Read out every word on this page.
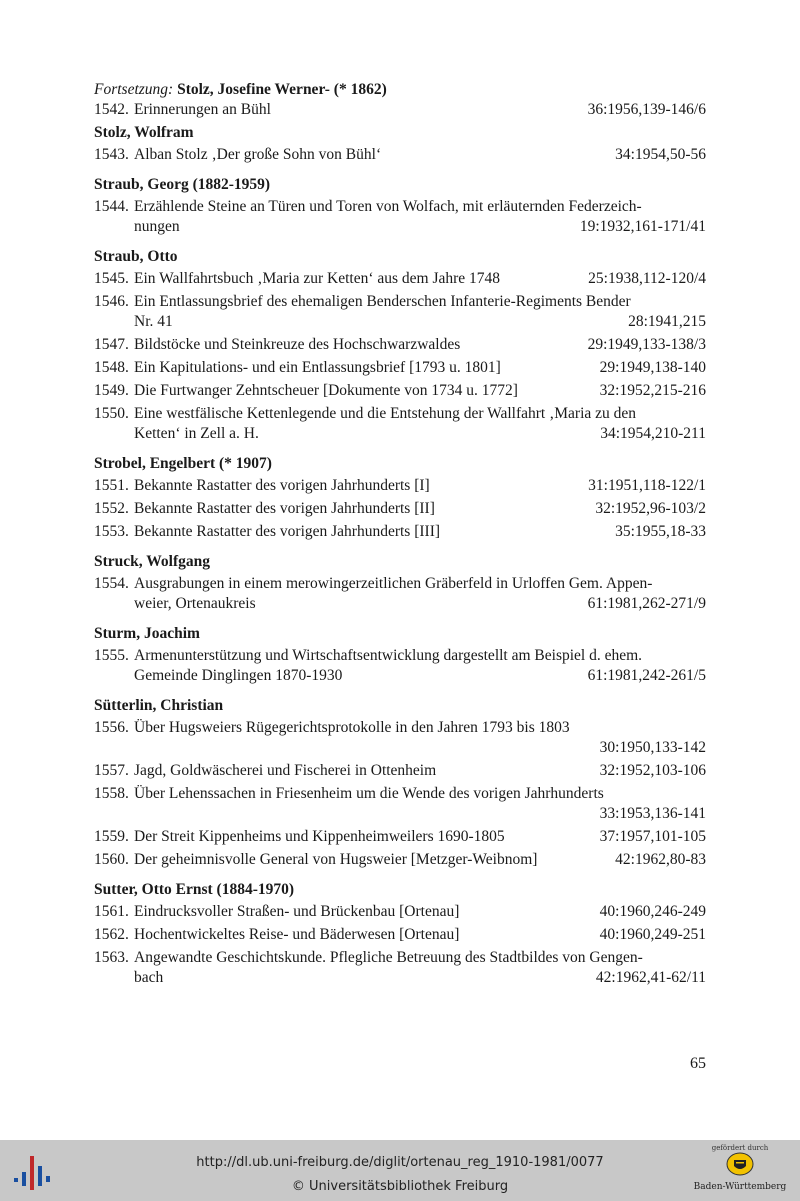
Fortsetzung: Stolz, Josefine Werner- (* 1862)
1542. Erinnerungen an Bühl	36:1956,139-146/6
Stolz, Wolfram
1543. Alban Stolz ‚Der große Sohn von Bühl‘	34:1954,50-56
Straub, Georg (1882-1959)
1544. Erzählende Steine an Türen und Toren von Wolfach, mit erläuternden Federzeich-
nungen	19:1932,161-171/41
Straub, Otto
1545. Ein Wallfahrtsbuch ‚Maria zur Ketten‘ aus dem Jahre 1748	25:1938,112-120/4
1546. Ein Entlassungsbrief des ehemaligen Benderschen Infanterie-Regiments Bender
Nr. 41	28:1941,215
1547. Bildstöcke und Steinkreuze des Hochschwarzwaldes	29:1949,133-138/3
1548. Ein Kapitulations- und ein Entlassungsbrief [1793 u. 1801]	29:1949,138-140
1549. Die Furtwanger Zehntscheuer [Dokumente von 1734 u. 1772]	32:1952,215-216
1550. Eine westfälische Kettenlegende und die Entstehung der Wallfahrt ‚Maria zu den
Ketten‘ in Zell a. H.	34:1954,210-211
Strobel, Engelbert (* 1907)
1551. Bekannte Rastatter des vorigen Jahrhunderts [I]	31:1951,118-122/1
1552. Bekannte Rastatter des vorigen Jahrhunderts [II]	32:1952,96-103/2
1553. Bekannte Rastatter des vorigen Jahrhunderts [III]	35:1955,18-33
Struck, Wolfgang
1554. Ausgrabungen in einem merowingerzeitlichen Gräberfeld in Urloffen Gem. Appen-
weier, Ortenaukreis	61:1981,262-271/9
Sturm, Joachim
1555. Armenunterstützung und Wirtschaftsentwicklung dargestellt am Beispiel d. ehem.
Gemeinde Dinglingen 1870-1930	61:1981,242-261/5
Sütterlin, Christian
1556. Über Hugsweiers Rügegerichtsprotokolle in den Jahren 1793 bis 1803
30:1950,133-142
1557. Jagd, Goldwäscherei und Fischerei in Ottenheim	32:1952,103-106
1558. Über Lehenssachen in Friesenheim um die Wende des vorigen Jahrhunderts
33:1953,136-141
1559. Der Streit Kippenheims und Kippenheimweilers 1690-1805	37:1957,101-105
1560. Der geheimnisvolle General von Hugsweier [Metzger-Weibnom]	42:1962,80-83
Sutter, Otto Ernst (1884-1970)
1561. Eindrucksvoller Straßen- und Brückenbau [Ortenau]	40:1960,246-249
1562. Hochentwickeltes Reise- und Bäderwesen [Ortenau]	40:1960,249-251
1563. Angewandte Geschichtskunde. Pflegliche Betreuung des Stadtbildes von Gengen-
bach	42:1962,41-62/11
65
http://dl.ub.uni-freiburg.de/diglit/ortenau_reg_1910-1981/0077
© Universitätsbibliothek Freiburg
gefördert durch
Baden-Württemberg
